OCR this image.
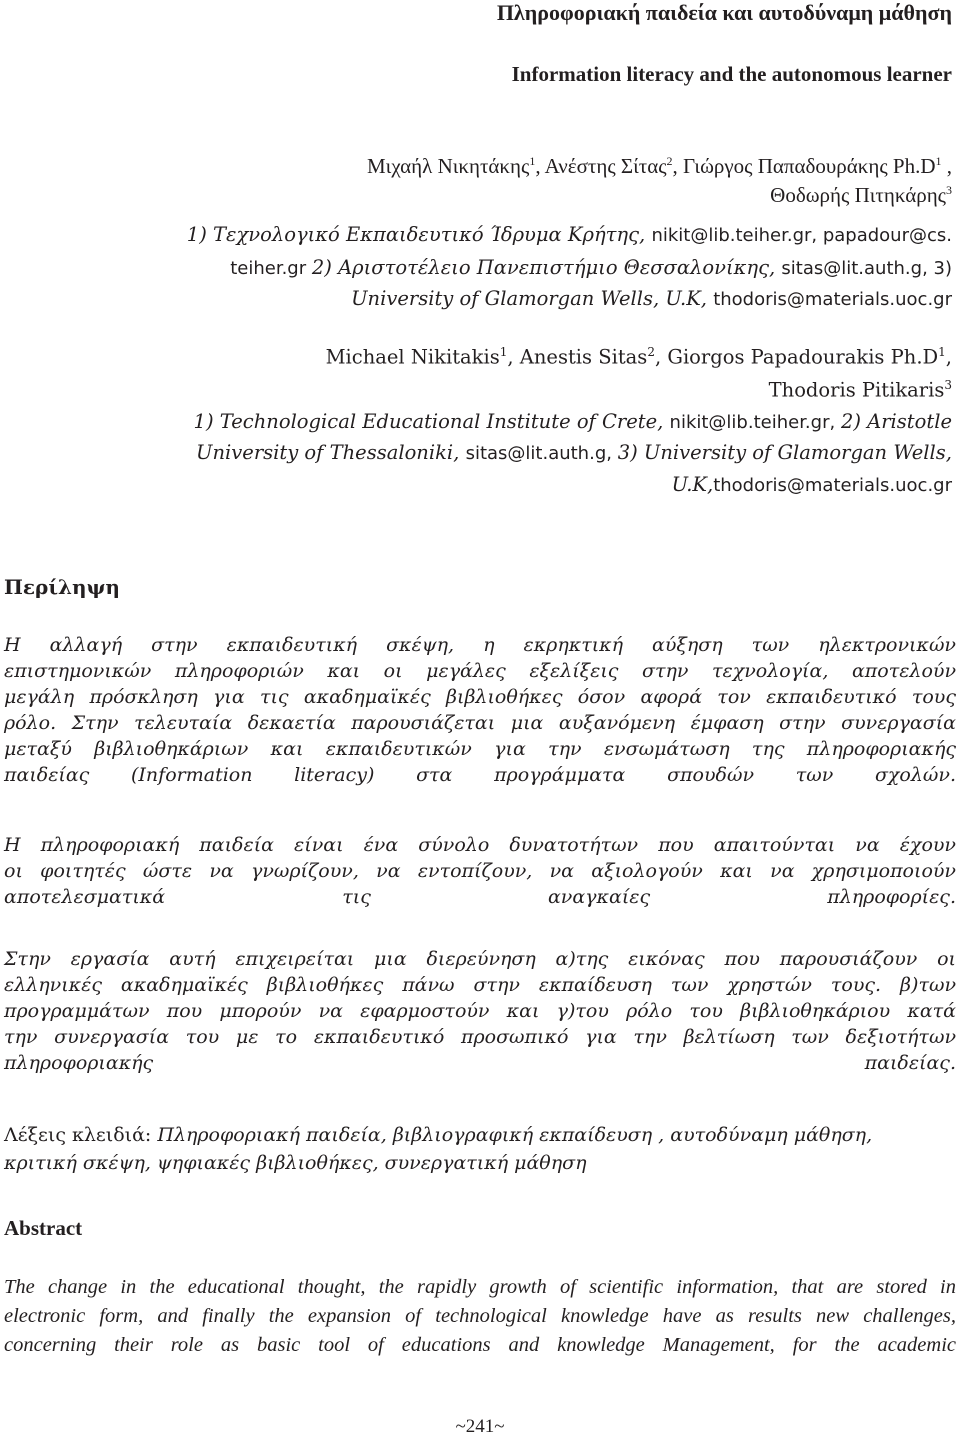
Πληροφοριακή παιδεία και αυτοδύναμη μάθηση
Information literacy and the autonomous learner
Μιχαήλ Νικητάκης$^1$, Ανέστης Σίτας$^2$, Γιώργος Παπαδουράκης $Ph.D^1$ ,
Θοδωρής Πιτηκάρης$^3$
1) Τεχνολογικό Εκπαιδευτικό Ίδρυμα Κρήτης, nikit@lib.teiher.gr, papadour@cs.
teiher.gr 2) Αριστοτέλειο Πανεπιστήμιο Θεσσαλονίκης, sitas@lit.auth.g, 3)
University of Glamorgan Wells, U.K, thodoris@materials.uoc.gr
Michael Nikitakis$^1$, Anestis Sitas$^2$, Giorgos Papadourakis $Ph.D^1$,
Thodoris Pitikaris$^3$
1) Technological Educational Institute of Crete, nikit@lib.teiher.gr, 2) Aristotle
University of Thessaloniki, sitas@lit.auth.g, 3) University of Glamorgan Wells,
U.K,thodoris@materials.uoc.gr
Περίληψη
Η αλλαγή στην εκπαιδευτική σκέψη, η εκρηκτική αύξηση των ηλεκτρονικών
επιστημονικών πληροφοριών και οι μεγάλες εξελίξεις στην τεχνολογία, αποτελούν
μεγάλη πρόσκληση για τις ακαδημαϊκές βιβλιοθήκες όσον αφορά τον εκπαιδευτικό τους
ρόλο. Στην τελευταία δεκαετία παρουσιάζεται μια αυξανόμενη έμφαση στην συνεργασία
μεταξύ βιβλιοθηκάριων και εκπαιδευτικών για την ενσωμάτωση της πληροφοριακής
παιδείας (Information literacy) στα προγράμματα σπουδών των σχολών.
Η πληροφοριακή παιδεία είναι ένα σύνολο δυνατοτήτων που απαιτούνται να έχουν
οι φοιτητές ώστε να γνωρίζουν, να εντοπίζουν, να αξιολογούν και να χρησιμοποιούν
αποτελεσματικά τις αναγκαίες πληροφορίες.
Στην εργασία αυτή επιχειρείται μια διερεύνηση α)της εικόνας που παρουσιάζουν οι
ελληνικές ακαδημαϊκές βιβλιοθήκες πάνω στην εκπαίδευση των χρηστών τους. β)των
προγραμμάτων που μπορούν να εφαρμοστούν και γ)του ρόλο του βιβλιοθηκάριου κατά
την συνεργασία του με το εκπαιδευτικό προσωπικό για την βελτίωση των δεξιοτήτων
πληροφοριακής παιδείας.
Λέξεις κλειδιά: Πληροφοριακή παιδεία, βιβλιογραφική εκπαίδευση , αυτοδύναμη μάθηση,
κριτική σκέψη, ψηφιακές βιβλιοθήκες, συνεργατική μάθηση
Abstract
The change in the educational thought, the rapidly growth of scientific information, that are stored in
electronic form, and finally the expansion of technological knowledge have as results new challenges,
concerning their role as basic tool of educations and knowledge Management, for the academic
~241~
